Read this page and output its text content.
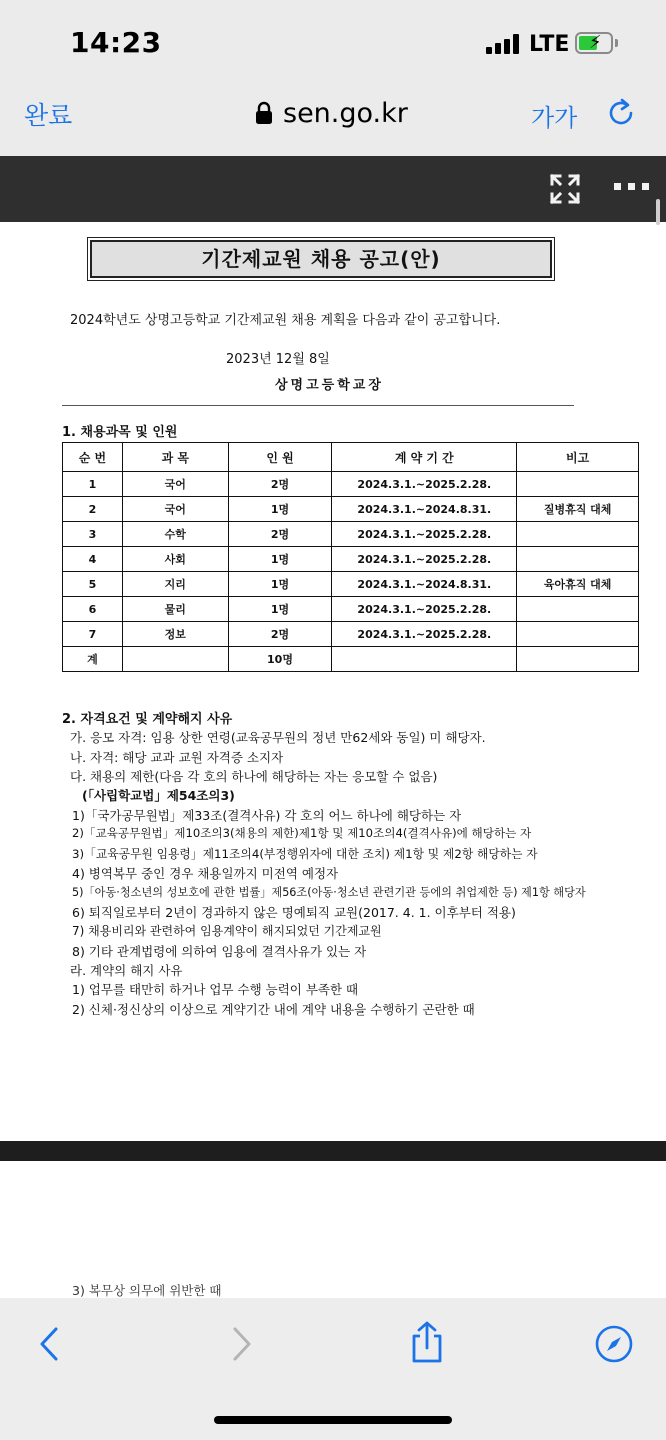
14:23	LTE ⚡
완료	sen.go.kr	가가
기간제교원 채용 공고(안)
2024학년도 상명고등학교 기간제교원 채용 계획을 다음과 같이 공고합니다.
2023년 12월 8일
상명고등학교장
1. 채용과목 및 인원
순 번	과 목	인 원	계 약 기 간	비고
1	국어	2명	2024.3.1.~2025.2.28.	
2	국어	1명	2024.3.1.~2024.8.31.	질병휴직 대체
3	수학	2명	2024.3.1.~2025.2.28.	
4	사회	1명	2024.3.1.~2025.2.28.	
5	지리	1명	2024.3.1.~2024.8.31.	육아휴직 대체
6	물리	1명	2024.3.1.~2025.2.28.	
7	정보	2명	2024.3.1.~2025.2.28.	
계		10명		
2. 자격요건 및 계약해지 사유
가. 응모 자격: 임용 상한 연령(교육공무원의 정년 만62세와 동일) 미 해당자.
나. 자격: 해당 교과 교원 자격증 소지자
다. 채용의 제한(다음 각 호의 하나에 해당하는 자는 응모할 수 없음)
(「사립학교법」제54조의3)
1)「국가공무원법」제33조(결격사유) 각 호의 어느 하나에 해당하는 자
2)「교육공무원법」제10조의3(채용의 제한)제1항 및 제10조의4(결격사유)에 해당하는 자
3)「교육공무원 임용령」제11조의4(부정행위자에 대한 조치) 제1항 및 제2항 해당하는 자
4) 병역복무 중인 경우 채용일까지 미전역 예정자
5)「아동·청소년의 성보호에 관한 법률」제56조(아동·청소년 관련기관 등에의 취업제한 등) 제1항 해당자
6) 퇴직일로부터 2년이 경과하지 않은 명예퇴직 교원(2017. 4. 1. 이후부터 적용)
7) 채용비리와 관련하여 임용계약이 해지되었던 기간제교원
8) 기타 관계법령에 의하여 임용에 결격사유가 있는 자
라. 계약의 해지 사유
1) 업무를 태만히 하거나 업무 수행 능력이 부족한 때
2) 신체·정신상의 이상으로 계약기간 내에 계약 내용을 수행하기 곤란한 때
3) 복무상 의무에 위반한 때
